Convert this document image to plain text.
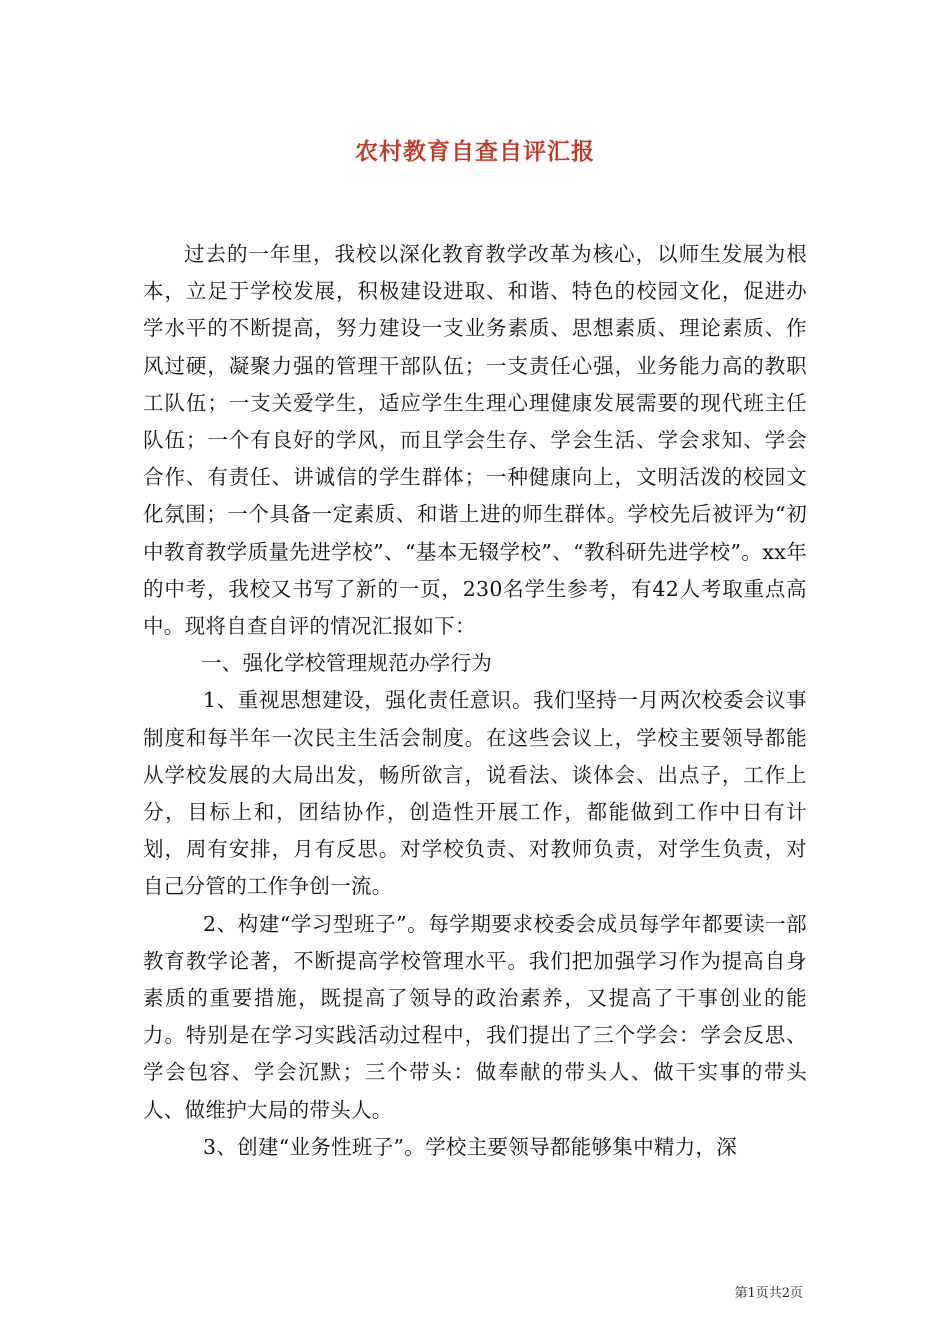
农村教育自查自评汇报

过去的一年里，我校以深化教育教学改革为核心，以师生发展为根本，立足于学校发展，积极建设进取、和谐、特色的校园文化，促进办学水平的不断提高，努力建设一支业务素质、思想素质、理论素质、作风过硬，凝聚力强的管理干部队伍；一支责任心强，业务能力高的教职工队伍；一支关爱学生，适应学生生理心理健康发展需要的现代班主任队伍；一个有良好的学风，而且学会生存、学会生活、学会求知、学会合作、有责任、讲诚信的学生群体；一种健康向上，文明活泼的校园文化氛围；一个具备一定素质、和谐上进的师生群体。学校先后被评为“初中教育教学质量先进学校”、“基本无辍学校”、“教科研先进学校”。xx年的中考，我校又书写了新的一页，230名学生参考，有42人考取重点高中。现将自查自评的情况汇报如下：

一、强化学校管理规范办学行为

1、重视思想建设，强化责任意识。我们坚持一月两次校委会议事制度和每半年一次民主生活会制度。在这些会议上，学校主要领导都能从学校发展的大局出发，畅所欲言，说看法、谈体会、出点子，工作上分，目标上和，团结协作，创造性开展工作，都能做到工作中日有计划，周有安排，月有反思。对学校负责、对教师负责，对学生负责，对自己分管的工作争创一流。

2、构建“学习型班子”。每学期要求校委会成员每学年都要读一部教育教学论著，不断提高学校管理水平。我们把加强学习作为提高自身素质的重要措施，既提高了领导的政治素养，又提高了干事创业的能力。特别是在学习实践活动过程中，我们提出了三个学会：学会反思、学会包容、学会沉默；三个带头：做奉献的带头人、做干实事的带头人、做维护大局的带头人。

3、创建“业务性班子”。学校主要领导都能够集中精力，深

第1页共2页
